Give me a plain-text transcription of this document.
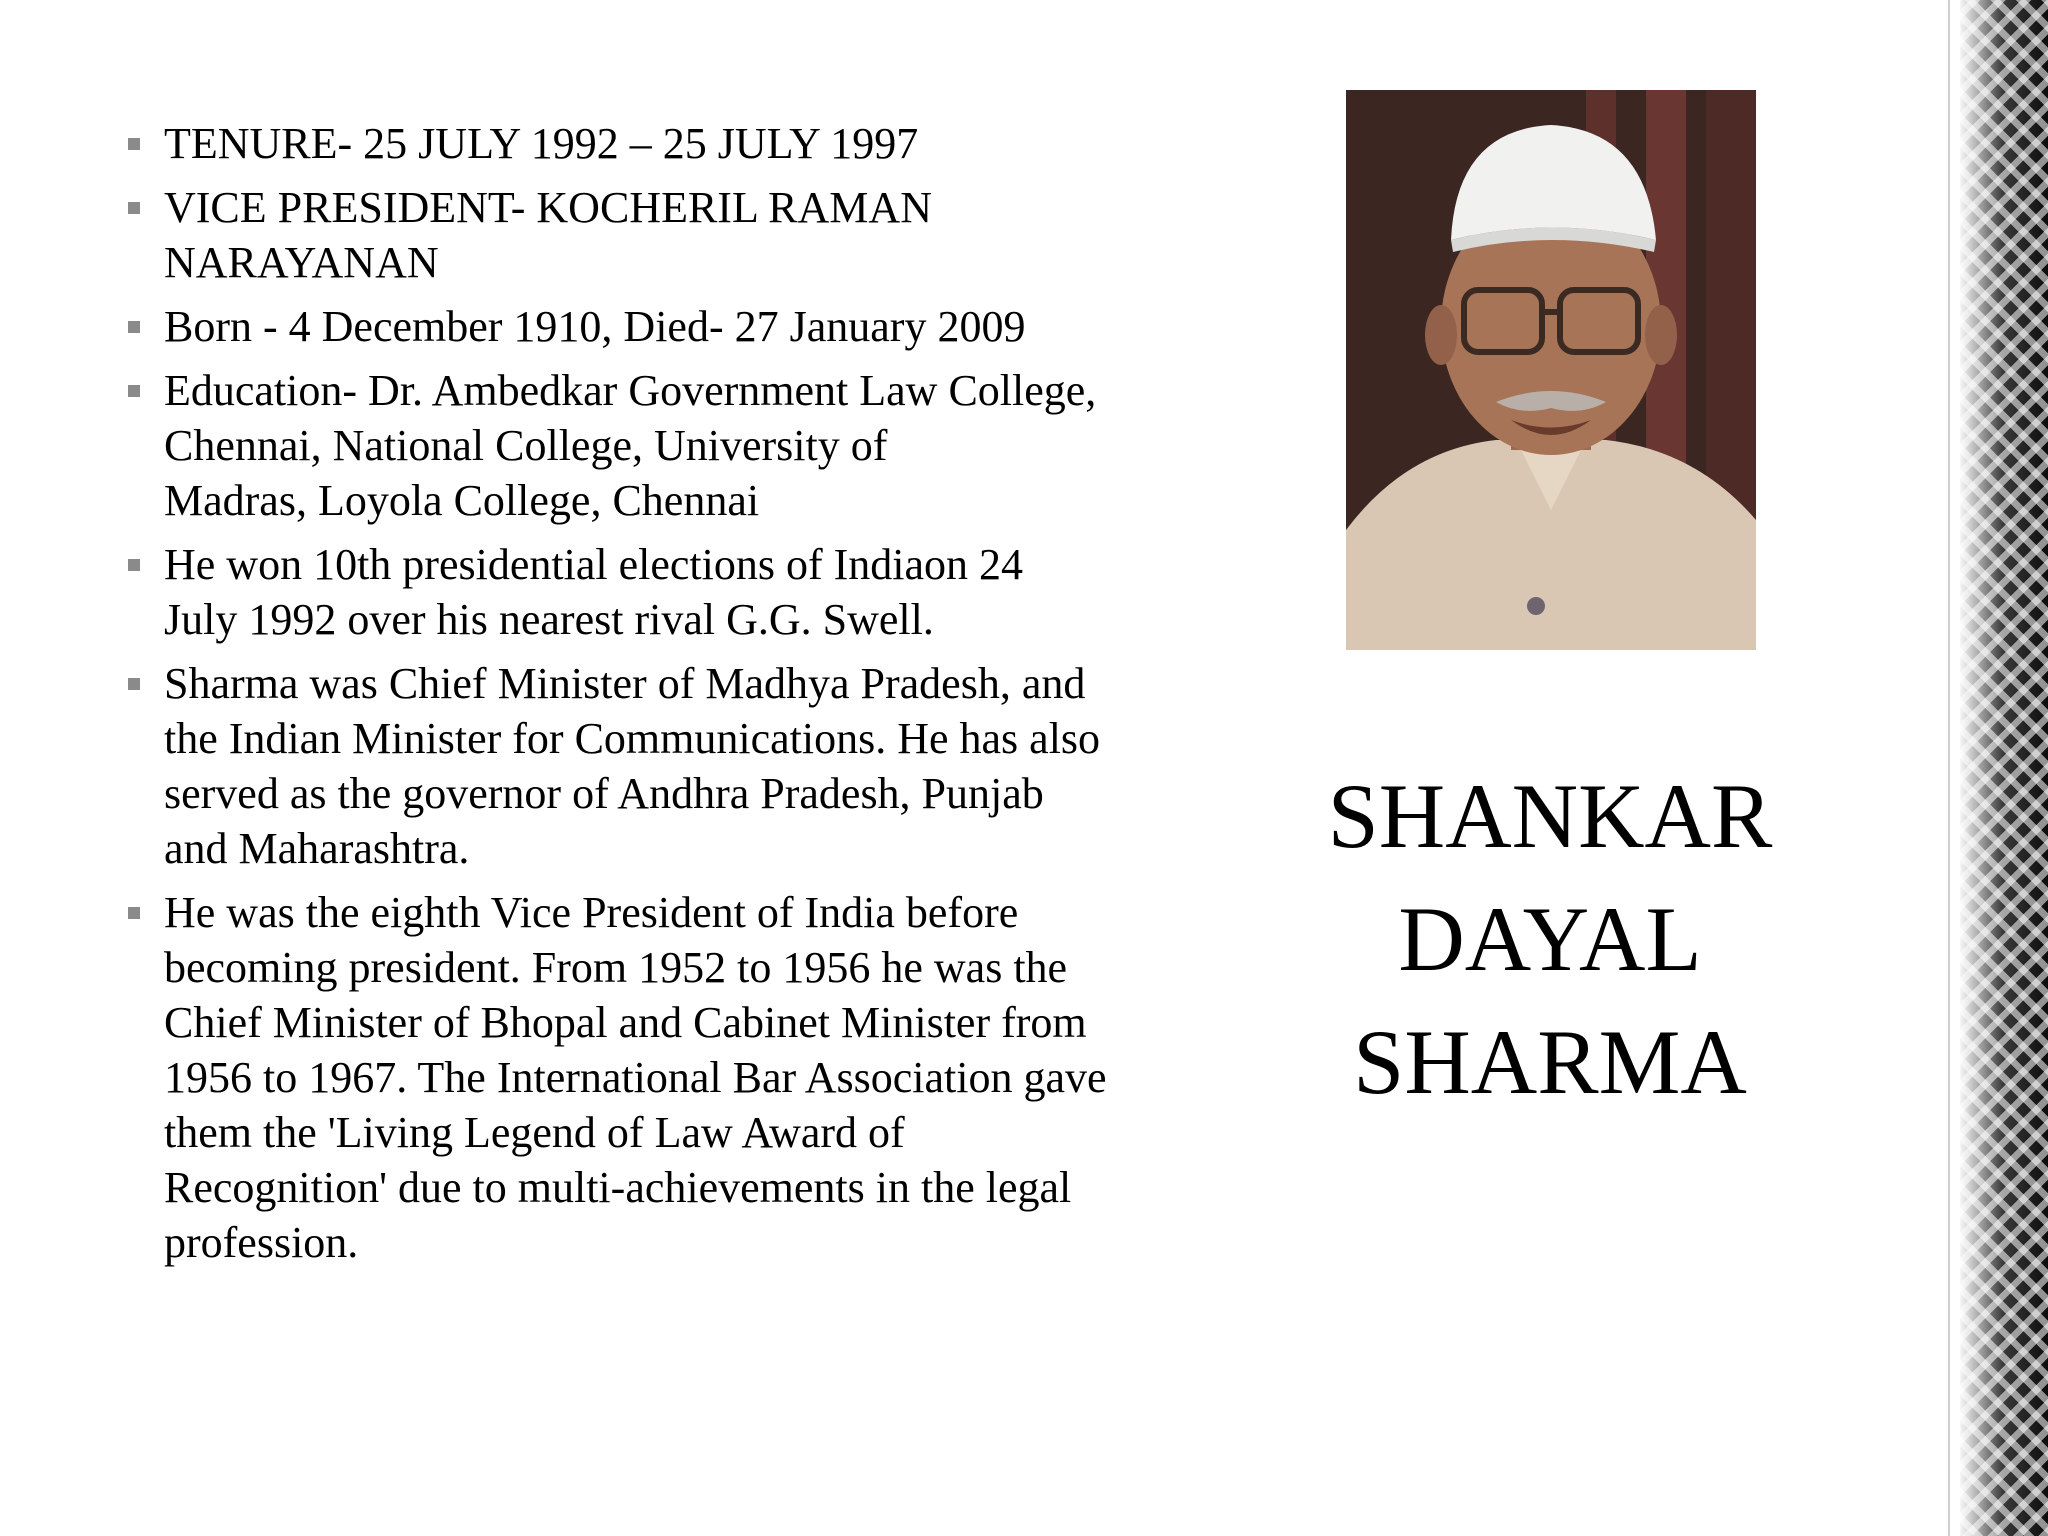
TENURE- 25 JULY 1992 – 25 JULY 1997
VICE PRESIDENT- KOCHERIL RAMAN
NARAYANAN
Born - 4 December 1910, Died- 27 January 2009
Education- Dr. Ambedkar Government Law College,
Chennai, National College, University of
Madras, Loyola College, Chennai
He won 10th presidential elections of Indiaon 24
July 1992 over his nearest rival G.G. Swell.
Sharma was Chief Minister of Madhya Pradesh, and
the Indian Minister for Communications. He has also
served as the governor of Andhra Pradesh, Punjab
and Maharashtra.
He was the eighth Vice President of India before
becoming president. From 1952 to 1956 he was the
Chief Minister of Bhopal and Cabinet Minister from
1956 to 1967. The International Bar Association gave
them the 'Living Legend of Law Award of
Recognition' due to multi-achievements in the legal
profession.
SHANKAR
DAYAL
SHARMA
